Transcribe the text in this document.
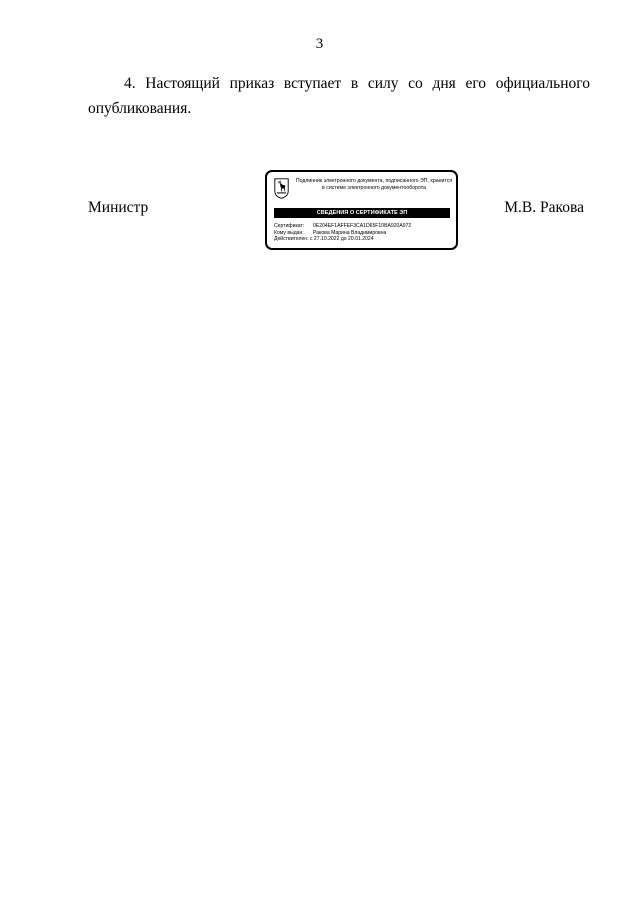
3
4. Настоящий приказ вступает в силу со дня его официального
опубликования.
Министр
Подлинник электронного документа, подписанного ЭП, хранится в системе электронного документооборота
СВЕДЕНИЯ О СЕРТИФИКАТЕ ЭП
Сертификат: 0E204EF1AFFEF3CA1D65F10BA920A972
Кому выдан: Ракова Марина Владимировна
Действителен: с 27.10.2022 до 20.01.2024
М.В. Ракова
